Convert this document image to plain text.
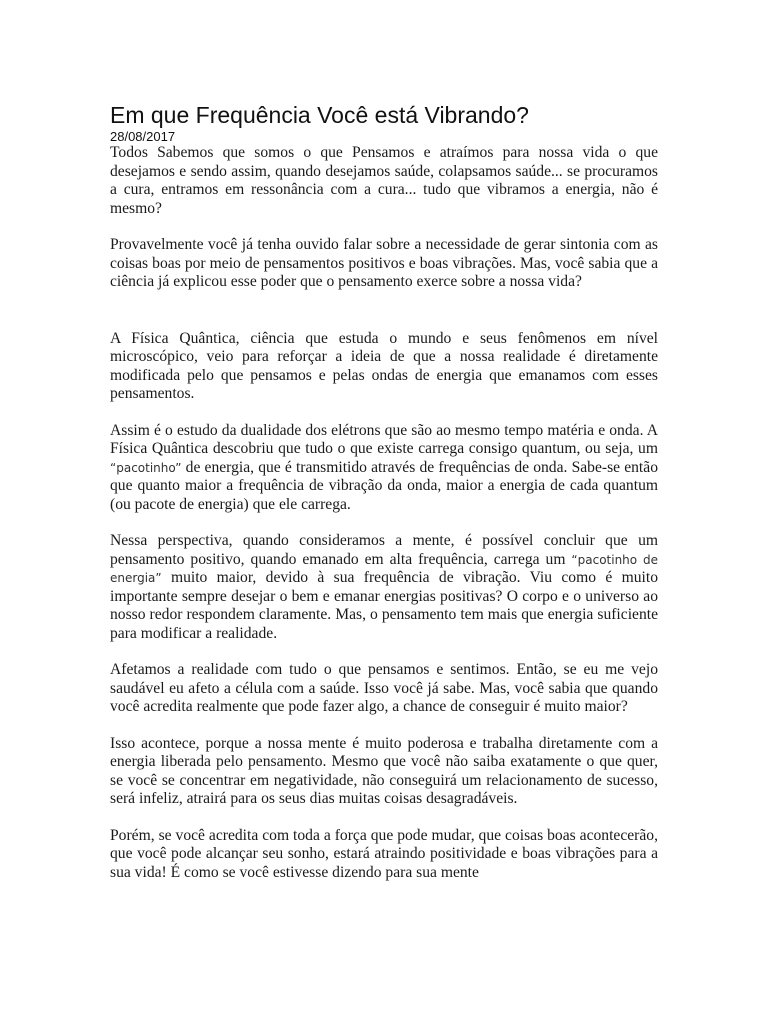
Em que Frequência Você está Vibrando?

28/08/2017

Todos Sabemos que somos o que Pensamos e atraímos para nossa vida o que desejamos e sendo assim, quando desejamos saúde, colapsamos saúde... se procuramos a cura, entramos em ressonância com a cura... tudo que vibramos a energia, não é mesmo?

Provavelmente você já tenha ouvido falar sobre a necessidade de gerar sintonia com as coisas boas por meio de pensamentos positivos e boas vibrações. Mas, você sabia que a ciência já explicou esse poder que o pensamento exerce sobre a nossa vida?

A Física Quântica, ciência que estuda o mundo e seus fenômenos em nível microscópico, veio para reforçar a ideia de que a nossa realidade é diretamente modificada pelo que pensamos e pelas ondas de energia que emanamos com esses pensamentos.

Assim é o estudo da dualidade dos elétrons que são ao mesmo tempo matéria e onda. A Física Quântica descobriu que tudo o que existe carrega consigo quantum, ou seja, um “pacotinho” de energia, que é transmitido através de frequências de onda. Sabe-se então que quanto maior a frequência de vibração da onda, maior a energia de cada quantum (ou pacote de energia) que ele carrega.

Nessa perspectiva, quando consideramos a mente, é possível concluir que um pensamento positivo, quando emanado em alta frequência, carrega um “pacotinho de energia” muito maior, devido à sua frequência de vibração. Viu como é muito importante sempre desejar o bem e emanar energias positivas? O corpo e o universo ao nosso redor respondem claramente. Mas, o pensamento tem mais que energia suficiente para modificar a realidade.

Afetamos a realidade com tudo o que pensamos e sentimos. Então, se eu me vejo saudável eu afeto a célula com a saúde. Isso você já sabe. Mas, você sabia que quando você acredita realmente que pode fazer algo, a chance de conseguir é muito maior?

Isso acontece, porque a nossa mente é muito poderosa e trabalha diretamente com a energia liberada pelo pensamento. Mesmo que você não saiba exatamente o que quer, se você se concentrar em negatividade, não conseguirá um relacionamento de sucesso, será infeliz, atrairá para os seus dias muitas coisas desagradáveis.

Porém, se você acredita com toda a força que pode mudar, que coisas boas acontecerão, que você pode alcançar seu sonho, estará atraindo positividade e boas vibrações para a sua vida! É como se você estivesse dizendo para sua mente
